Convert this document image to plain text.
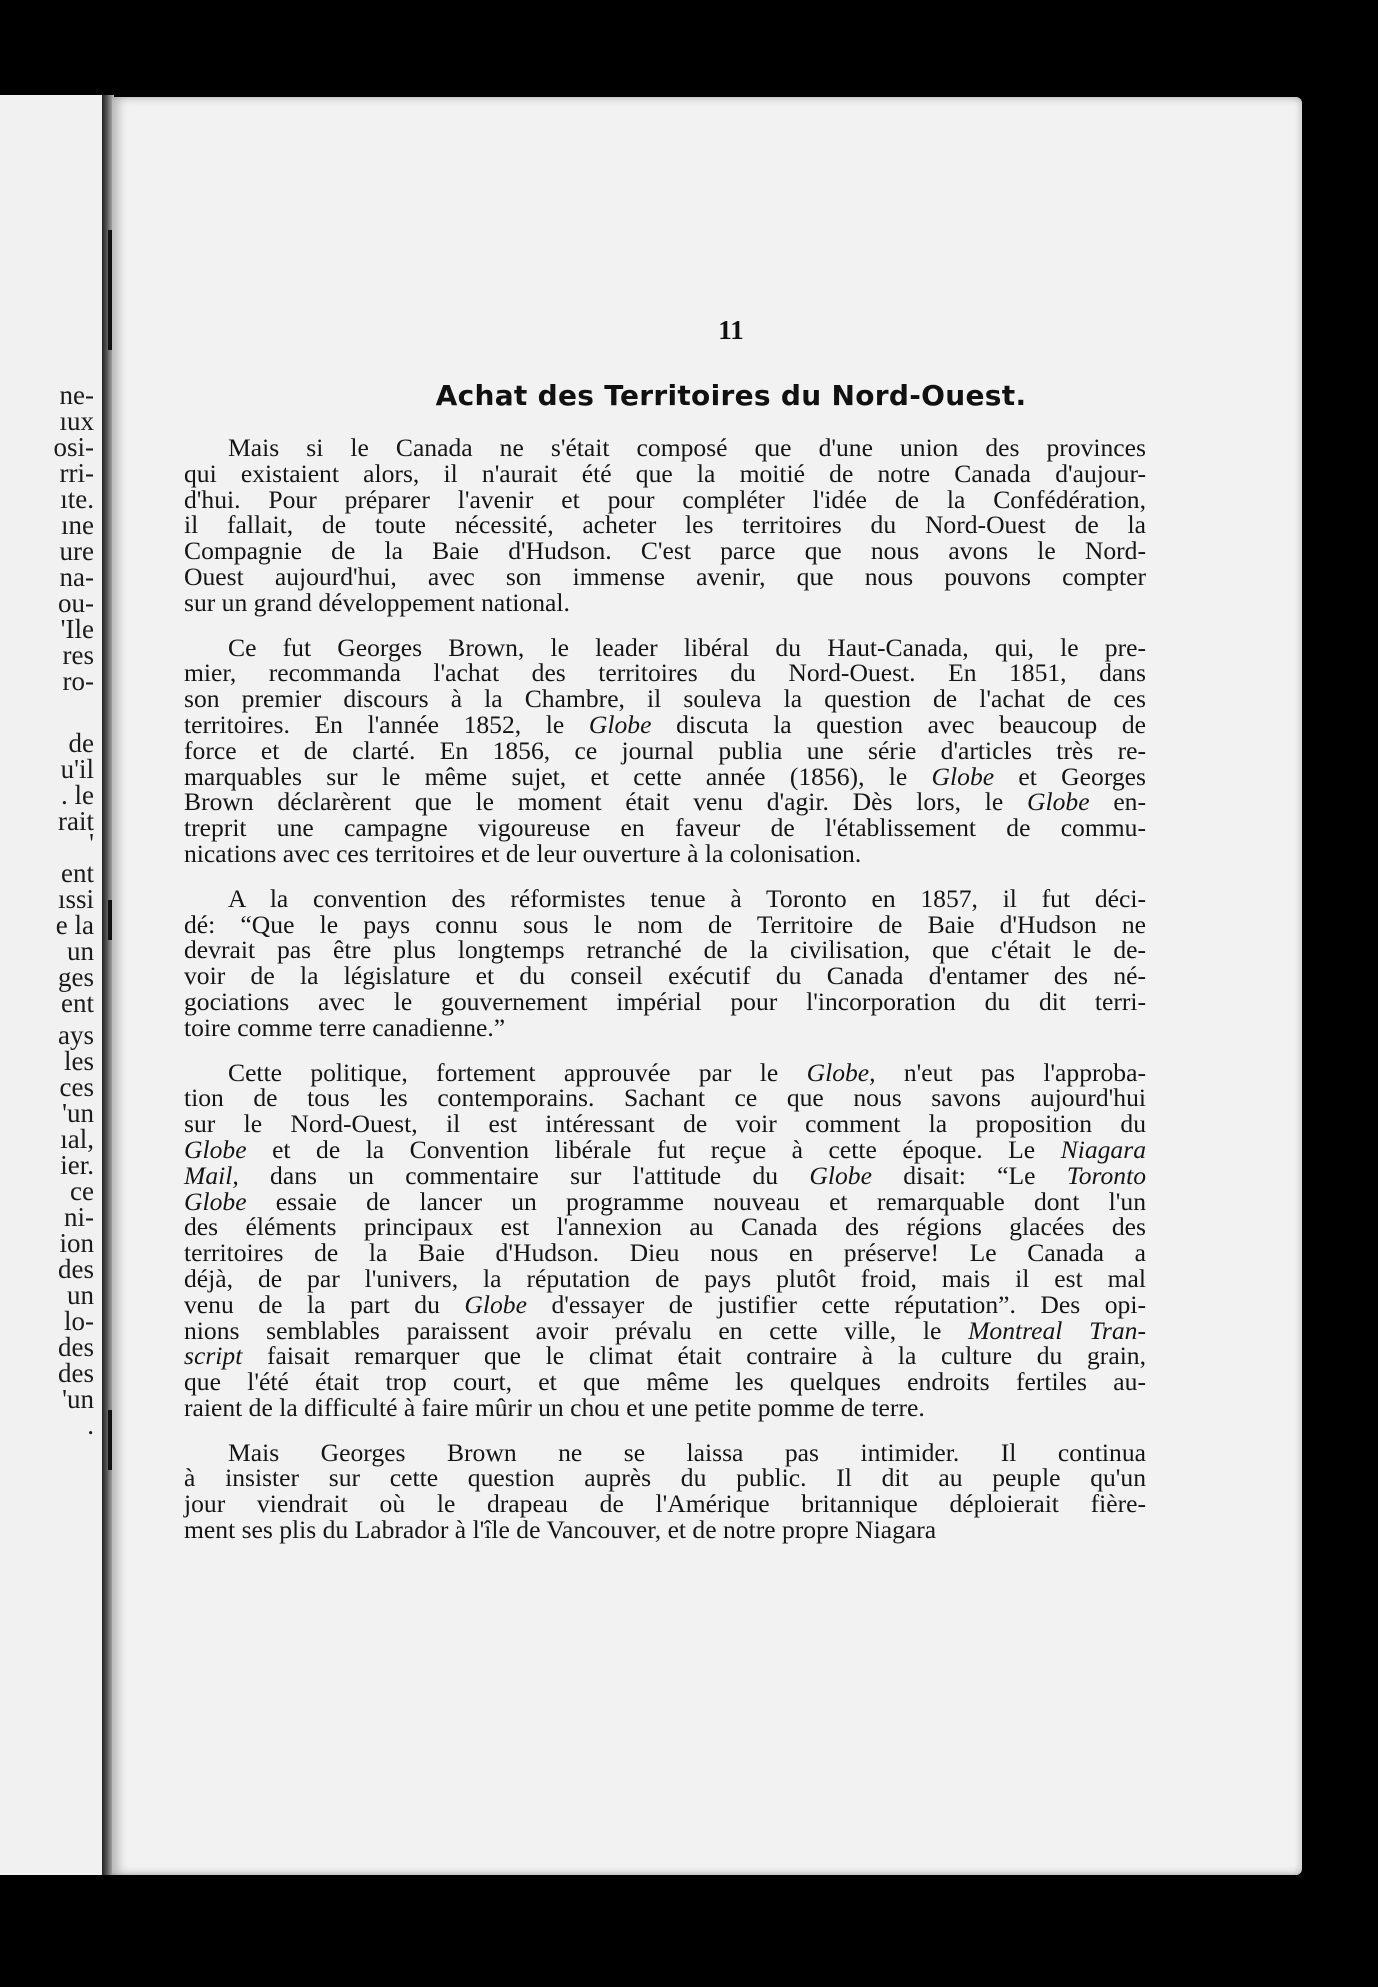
ne-
ıux
osi-
rri-
ıte.
ıne
ure
na-
ou-
'Ile
res
ro-
de
u'il
. le
rait
'
ent
ıssi
e la
un
ges
ent
ays
les
ces
'un
ıal,
ier.
ce
ni-
ion
des
un
lo-
des
des
'un
.
11
Achat des Territoires du Nord-Ouest.
Mais si le Canada ne s'était composé que d'une union des provinces
qui existaient alors, il n'aurait été que la moitié de notre Canada d'aujour-
d'hui. Pour préparer l'avenir et pour compléter l'idée de la Confédération,
il fallait, de toute nécessité, acheter les territoires du Nord-Ouest de la
Compagnie de la Baie d'Hudson. C'est parce que nous avons le Nord-
Ouest aujourd'hui, avec son immense avenir, que nous pouvons compter
sur un grand développement national.
Ce fut Georges Brown, le leader libéral du Haut-Canada, qui, le pre-
mier, recommanda l'achat des territoires du Nord-Ouest. En 1851, dans
son premier discours à la Chambre, il souleva la question de l'achat de ces
territoires. En l'année 1852, le Globe discuta la question avec beaucoup de
force et de clarté. En 1856, ce journal publia une série d'articles très re-
marquables sur le même sujet, et cette année (1856), le Globe et Georges
Brown déclarèrent que le moment était venu d'agir. Dès lors, le Globe en-
treprit une campagne vigoureuse en faveur de l'établissement de commu-
nications avec ces territoires et de leur ouverture à la colonisation.
A la convention des réformistes tenue à Toronto en 1857, il fut déci-
dé: “Que le pays connu sous le nom de Territoire de Baie d'Hudson ne
devrait pas être plus longtemps retranché de la civilisation, que c'était le de-
voir de la législature et du conseil exécutif du Canada d'entamer des né-
gociations avec le gouvernement impérial pour l'incorporation du dit terri-
toire comme terre canadienne.”
Cette politique, fortement approuvée par le Globe, n'eut pas l'approba-
tion de tous les contemporains. Sachant ce que nous savons aujourd'hui
sur le Nord-Ouest, il est intéressant de voir comment la proposition du
Globe et de la Convention libérale fut reçue à cette époque. Le Niagara
Mail, dans un commentaire sur l'attitude du Globe disait: “Le Toronto
Globe essaie de lancer un programme nouveau et remarquable dont l'un
des éléments principaux est l'annexion au Canada des régions glacées des
territoires de la Baie d'Hudson. Dieu nous en préserve! Le Canada a
déjà, de par l'univers, la réputation de pays plutôt froid, mais il est mal
venu de la part du Globe d'essayer de justifier cette réputation”. Des opi-
nions semblables paraissent avoir prévalu en cette ville, le Montreal Tran-
script faisait remarquer que le climat était contraire à la culture du grain,
que l'été était trop court, et que même les quelques endroits fertiles au-
raient de la difficulté à faire mûrir un chou et une petite pomme de terre.
Mais Georges Brown ne se laissa pas intimider. Il continua
à insister sur cette question auprès du public. Il dit au peuple qu'un
jour viendrait où le drapeau de l'Amérique britannique déploierait fière-
ment ses plis du Labrador à l'île de Vancouver, et de notre propre Niagara
